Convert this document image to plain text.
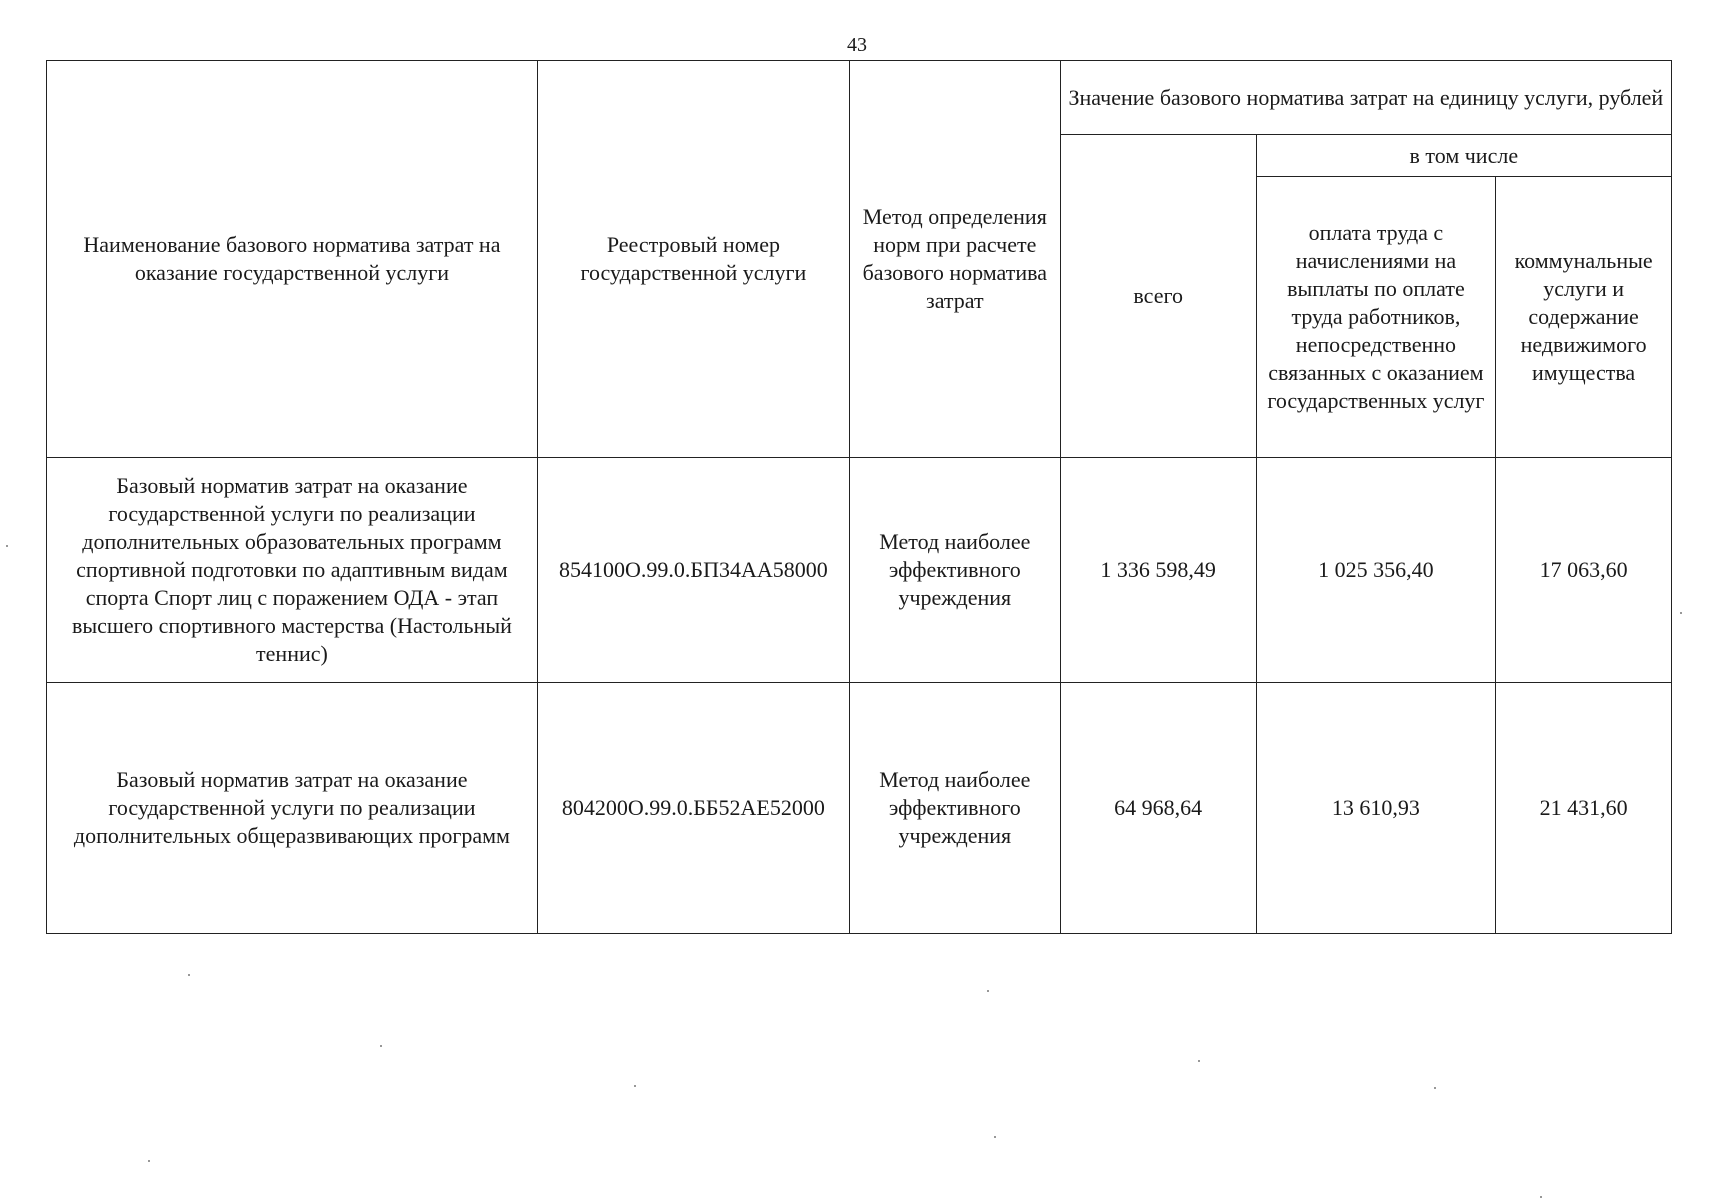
43
Наименование базового норматива затрат на оказание государственной услуги	Реестровый номер государственной услуги	Метод определения норм при расчете базового норматива затрат	Значение базового норматива затрат на единицу услуги, рублей		
			всего	в том числе	
				оплата труда с начислениями на выплаты по оплате труда работников, непосредственно связанных с оказанием государственных услуг	коммунальные услуги и содержание недвижимого имущества
Базовый норматив затрат на оказание государственной услуги по реализации дополнительных образовательных программ спортивной подготовки по адаптивным видам спорта Спорт лиц с поражением ОДА - этап высшего спортивного мастерства (Настольный теннис)	854100О.99.0.БП34АА58000	Метод наиболее эффективного учреждения	1 336 598,49	1 025 356,40	17 063,60
Базовый норматив затрат на оказание государственной услуги по реализации дополнительных общеразвивающих программ	804200О.99.0.ББ52АЕ52000	Метод наиболее эффективного учреждения	64 968,64	13 610,93	21 431,60
